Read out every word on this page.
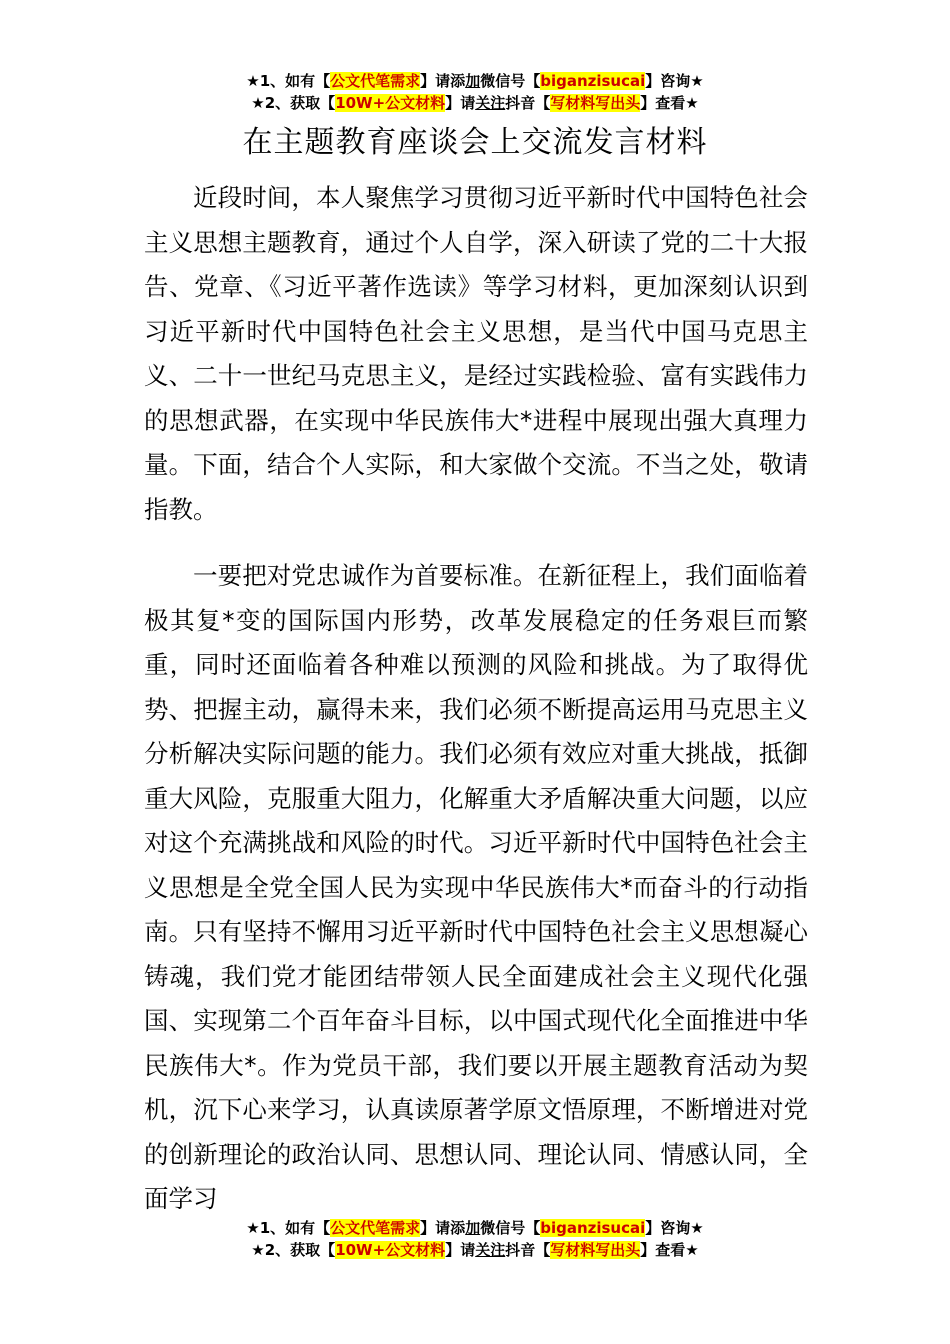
★1、如有【公文代笔需求】请添加微信号【biganzisucai】咨询★
★2、获取【10W+公文材料】请关注抖音【写材料写出头】查看★
在主题教育座谈会上交流发言材料

近段时间，本人聚焦学习贯彻习近平新时代中国特色社会主义思想主题教育，通过个人自学，深入研读了党的二十大报告、党章、《习近平著作选读》等学习材料，更加深刻认识到习近平新时代中国特色社会主义思想，是当代中国马克思主义、二十一世纪马克思主义，是经过实践检验、富有实践伟力的思想武器，在实现中华民族伟大*进程中展现出强大真理力量。下面，结合个人实际，和大家做个交流。不当之处，敬请指教。

一要把对党忠诚作为首要标准。在新征程上，我们面临着极其复*变的国际国内形势，改革发展稳定的任务艰巨而繁重，同时还面临着各种难以预测的风险和挑战。为了取得优势、把握主动，赢得未来，我们必须不断提高运用马克思主义分析解决实际问题的能力。我们必须有效应对重大挑战，抵御重大风险，克服重大阻力，化解重大矛盾解决重大问题，以应对这个充满挑战和风险的时代。习近平新时代中国特色社会主义思想是全党全国人民为实现中华民族伟大*而奋斗的行动指南。只有坚持不懈用习近平新时代中国特色社会主义思想凝心铸魂，我们党才能团结带领人民全面建成社会主义现代化强国、实现第二个百年奋斗目标，以中国式现代化全面推进中华民族伟大*。作为党员干部，我们要以开展主题教育活动为契机，沉下心来学习，认真读原著学原文悟原理，不断增进对党的创新理论的政治认同、思想认同、理论认同、情感认同，全面学习

★1、如有【公文代笔需求】请添加微信号【biganzisucai】咨询★
★2、获取【10W+公文材料】请关注抖音【写材料写出头】查看★
